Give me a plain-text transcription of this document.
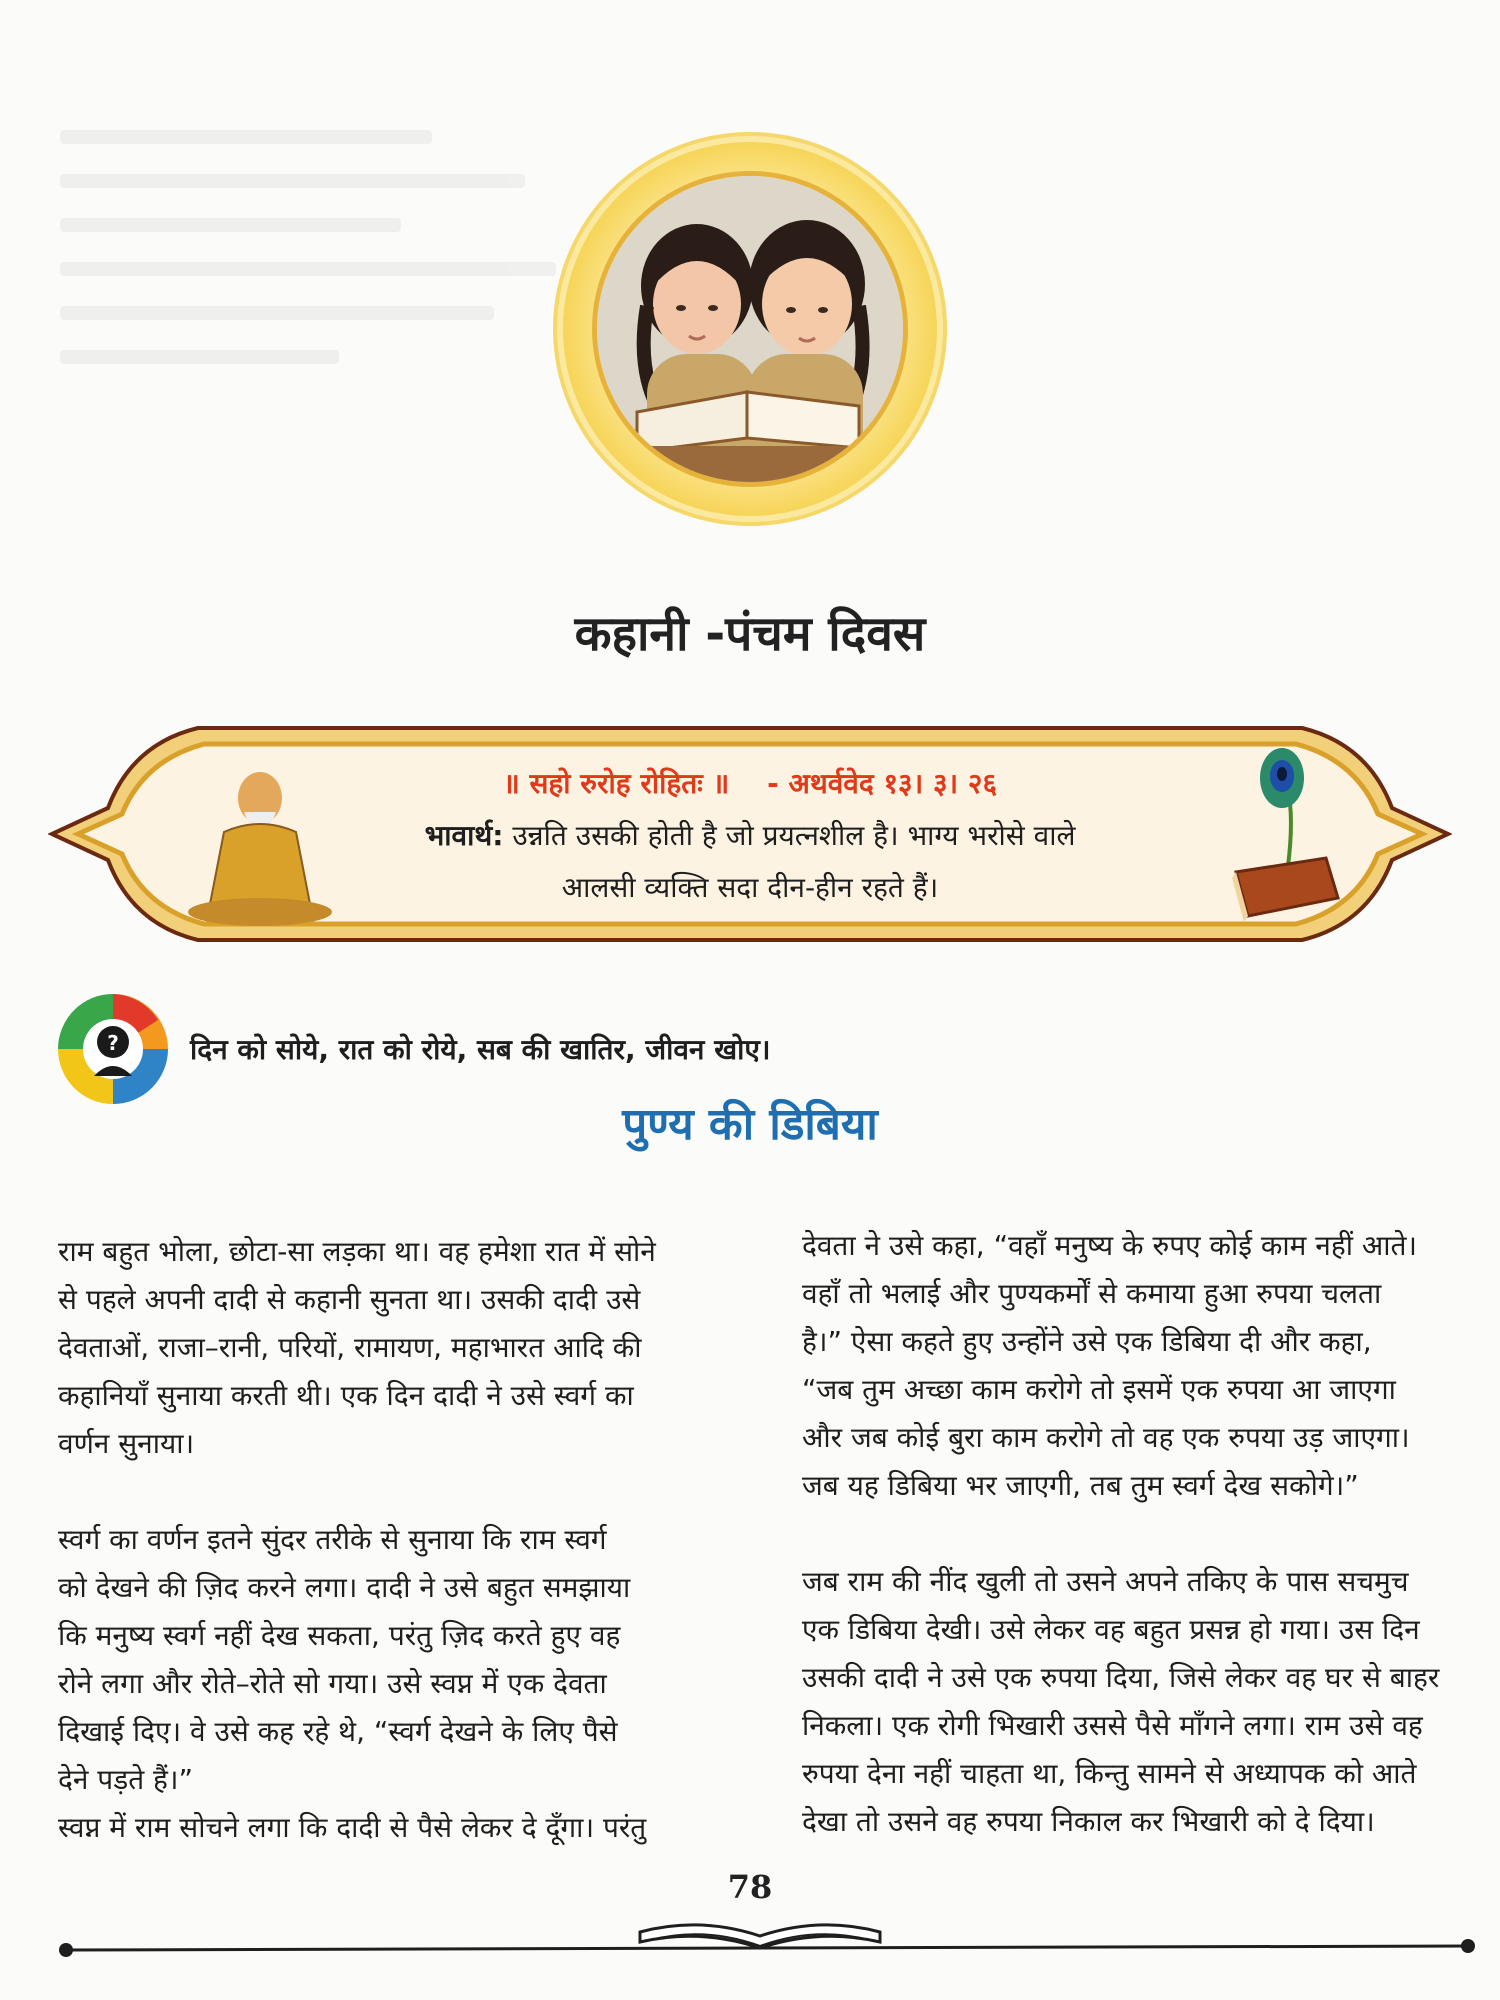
कहानी -पंचम दिवस
॥ सहो रुरोह रोहितः ॥ - अथर्ववेद १३। ३। २६
भावार्थ: उन्नति उसकी होती है जो प्रयत्नशील है। भाग्य भरोसे वाले
आलसी व्यक्ति सदा दीन-हीन रहते हैं।
?	दिन को सोये, रात को रोये, सब की खातिर, जीवन खोए।
पुण्य की डिबिया

राम बहुत भोला, छोटा-सा लड़का था। वह हमेशा रात में सोने

से पहले अपनी दादी से कहानी सुनता था। उसकी दादी उसे

देवताओं, राजा–रानी, परियों, रामायण, महाभारत आदि की

कहानियाँ सुनाया करती थी। एक दिन दादी ने उसे स्वर्ग का

वर्णन सुनाया।

स्वर्ग का वर्णन इतने सुंदर तरीके से सुनाया कि राम स्वर्ग

को देखने की ज़िद करने लगा। दादी ने उसे बहुत समझाया

कि मनुष्य स्वर्ग नहीं देख सकता, परंतु ज़िद करते हुए वह

रोने लगा और रोते–रोते सो गया। उसे स्वप्न में एक देवता

दिखाई दिए। वे उसे कह रहे थे, “स्वर्ग देखने के लिए पैसे

देने पड़ते हैं।”

स्वप्न में राम सोचने लगा कि दादी से पैसे लेकर दे दूँगा। परंतु

देवता ने उसे कहा, “वहाँ मनुष्य के रुपए कोई काम नहीं आते।

वहाँ तो भलाई और पुण्यकर्मों से कमाया हुआ रुपया चलता

है।” ऐसा कहते हुए उन्होंने उसे एक डिबिया दी और कहा,

“जब तुम अच्छा काम करोगे तो इसमें एक रुपया आ जाएगा

और जब कोई बुरा काम करोगे तो वह एक रुपया उड़ जाएगा।

जब यह डिबिया भर जाएगी, तब तुम स्वर्ग देख सकोगे।”

जब राम की नींद खुली तो उसने अपने तकिए के पास सचमुच

एक डिबिया देखी। उसे लेकर वह बहुत प्रसन्न हो गया। उस दिन

उसकी दादी ने उसे एक रुपया दिया, जिसे लेकर वह घर से बाहर

निकला। एक रोगी भिखारी उससे पैसे माँगने लगा। राम उसे वह

रुपया देना नहीं चाहता था, किन्तु सामने से अध्यापक को आते

देखा तो उसने वह रुपया निकाल कर भिखारी को दे दिया।

78
